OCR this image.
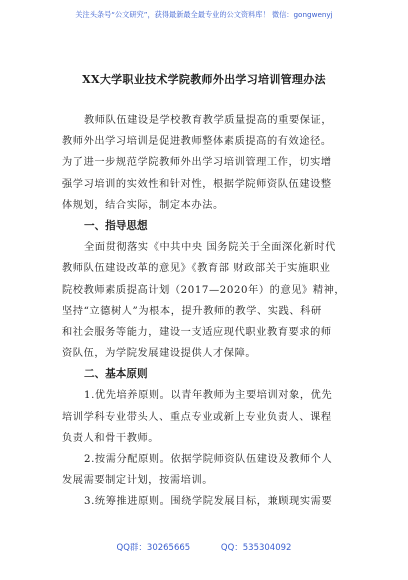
关注头条号“公文研究”，获得最新最全最专业的公文资料库！ 微信：gongwenyj
XX大学职业技术学院教师外出学习培训管理办法
教师队伍建设是学校教育教学质量提高的重要保证，
教师外出学习培训是促进教师整体素质提高的有效途径。
为了进一步规范学院教师外出学习培训管理工作，切实增
强学习培训的实效性和针对性，根据学院师资队伍建设整
体规划，结合实际，制定本办法。
一、指导思想
全面贯彻落实《中共中央 国务院关于全面深化新时代
教师队伍建设改革的意见》《教育部 财政部关于实施职业
院校教师素质提高计划（2017—2020年）的意见》精神，
坚持“立德树人”为根本，提升教师的教学、实践、科研
和社会服务等能力，建设一支适应现代职业教育要求的师
资队伍，为学院发展建设提供人才保障。
二、基本原则
1.优先培养原则。以青年教师为主要培训对象，优先
培训学科专业带头人、重点专业或新上专业负责人、课程
负责人和骨干教师。
2.按需分配原则。依据学院师资队伍建设及教师个人
发展需要制定计划，按需培训。
3.统筹推进原则。围绕学院发展目标，兼顾现实需要
QQ群：30265665	QQ：535304092
